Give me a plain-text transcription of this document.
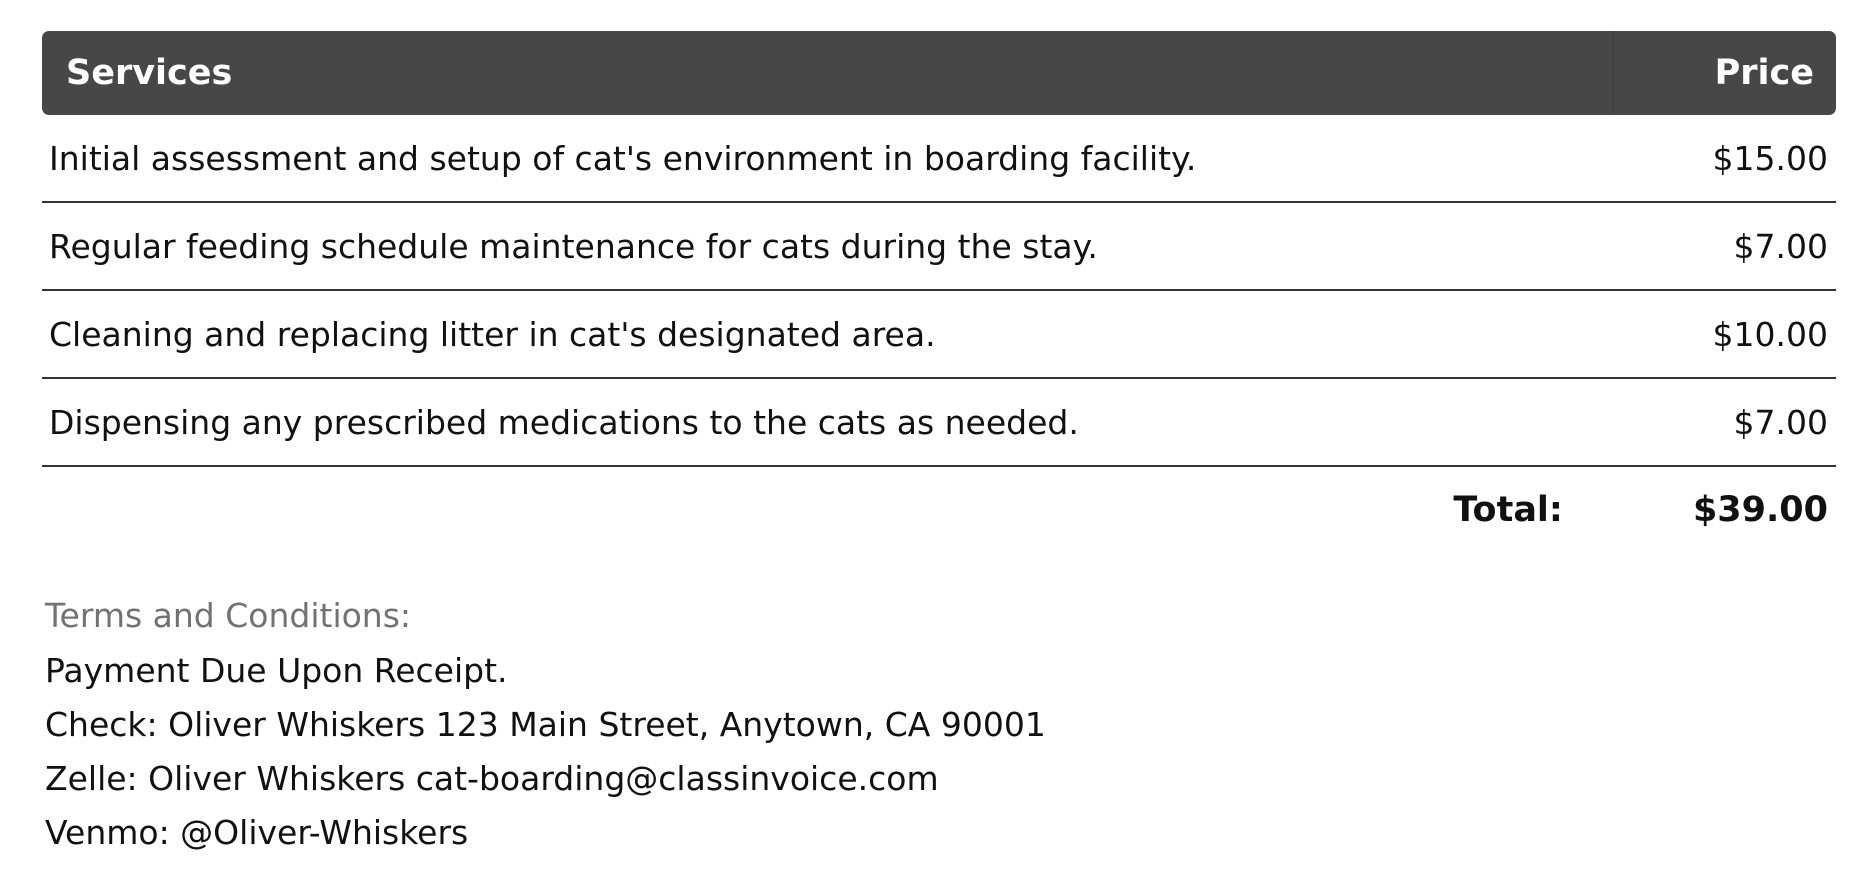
Services	Price
Initial assessment and setup of cat's environment in boarding facility.	$15.00
Regular feeding schedule maintenance for cats during the stay.	$7.00
Cleaning and replacing litter in cat's designated area.	$10.00
Dispensing any prescribed medications to the cats as needed.	$7.00
Total:	$39.00
Terms and Conditions:
Payment Due Upon Receipt.
Check: Oliver Whiskers 123 Main Street, Anytown, CA 90001
Zelle: Oliver Whiskers cat-boarding@classinvoice.com
Venmo: @Oliver-Whiskers
